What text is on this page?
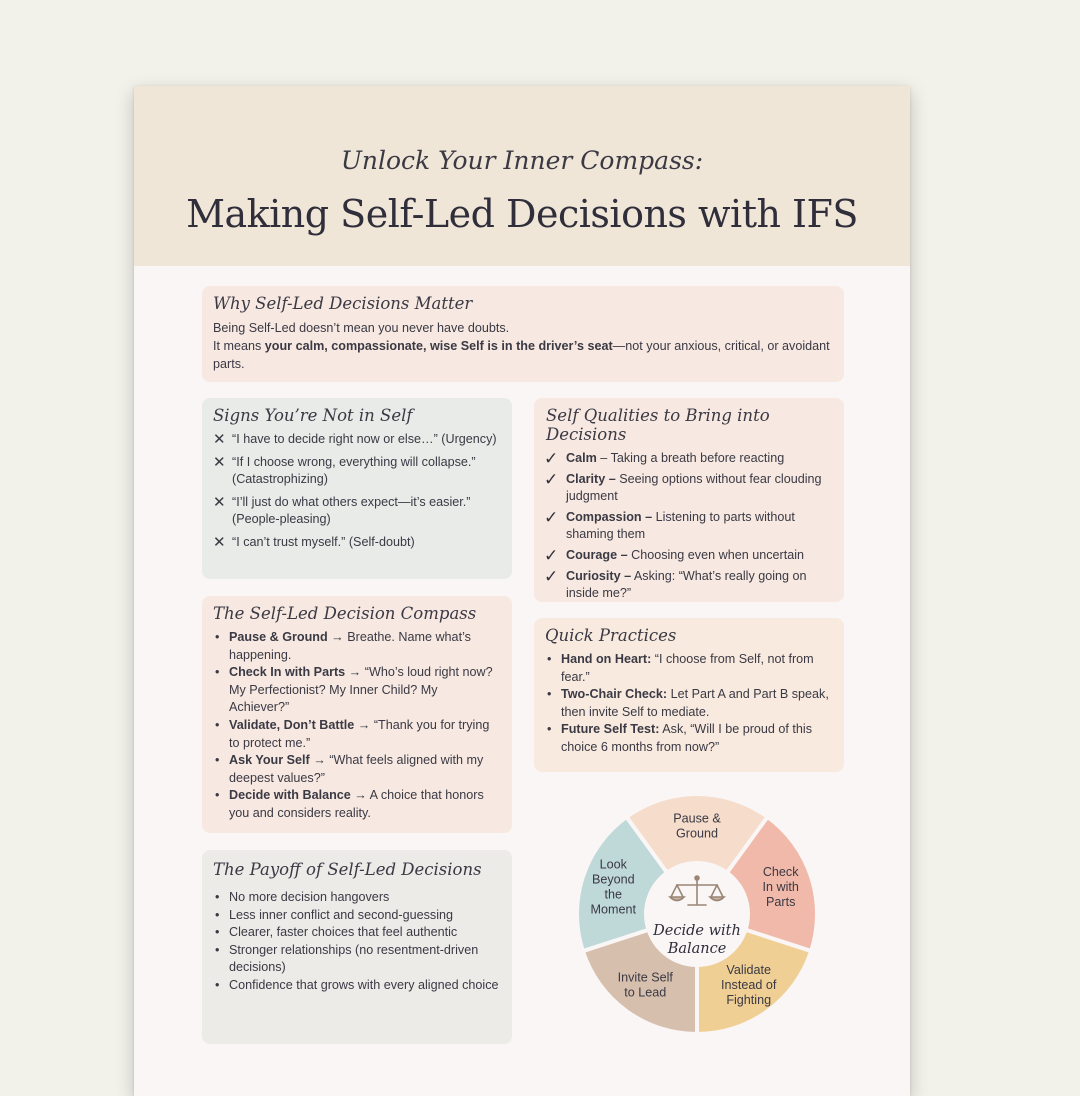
Unlock Your Inner Compass:
Making Self-Led Decisions with IFS
Why Self-Led Decisions Matter

Being Self-Led doesn’t mean you never have doubts.
It means your calm, compassionate, wise Self is in the driver’s seat—not your anxious, critical, or avoidant parts.

Signs You’re Not in Self
✕ “I have to decide right now or else…” (Urgency)
✕ “If I choose wrong, everything will collapse.” (Catastrophizing)
✕ “I’ll just do what others expect—it’s easier.” (People-pleasing)
✕ “I can’t trust myself.” (Self-doubt)
Self Qualities to Bring into Decisions
✓ Calm – Taking a breath before reacting
✓ Clarity – Seeing options without fear clouding judgment
✓ Compassion – Listening to parts without shaming them
✓ Courage – Choosing even when uncertain
✓ Curiosity – Asking: “What’s really going on inside me?”
The Self-Led Decision Compass
• Pause & Ground → Breathe. Name what’s happening.
• Check In with Parts → “Who’s loud right now? My Perfectionist? My Inner Child? My Achiever?”
• Validate, Don’t Battle → “Thank you for trying to protect me.”
• Ask Your Self → “What feels aligned with my deepest values?”
• Decide with Balance → A choice that honors you and considers reality.
Quick Practices
• Hand on Heart: “I choose from Self, not from fear.”
• Two-Chair Check: Let Part A and Part B speak, then invite Self to mediate.
• Future Self Test: Ask, “Will I be proud of this choice 6 months from now?”
The Payoff of Self-Led Decisions
• No more decision hangovers
• Less inner conflict and second-guessing
• Clearer, faster choices that feel authentic
• Stronger relationships (no resentment-driven decisions)
• Confidence that grows with every aligned choice
Pause &
Ground
Check
In with
Parts
Validate
Instead of
Fighting
Invite Self
to Lead
Look
Beyond
the
Moment
Decide with
Balance
